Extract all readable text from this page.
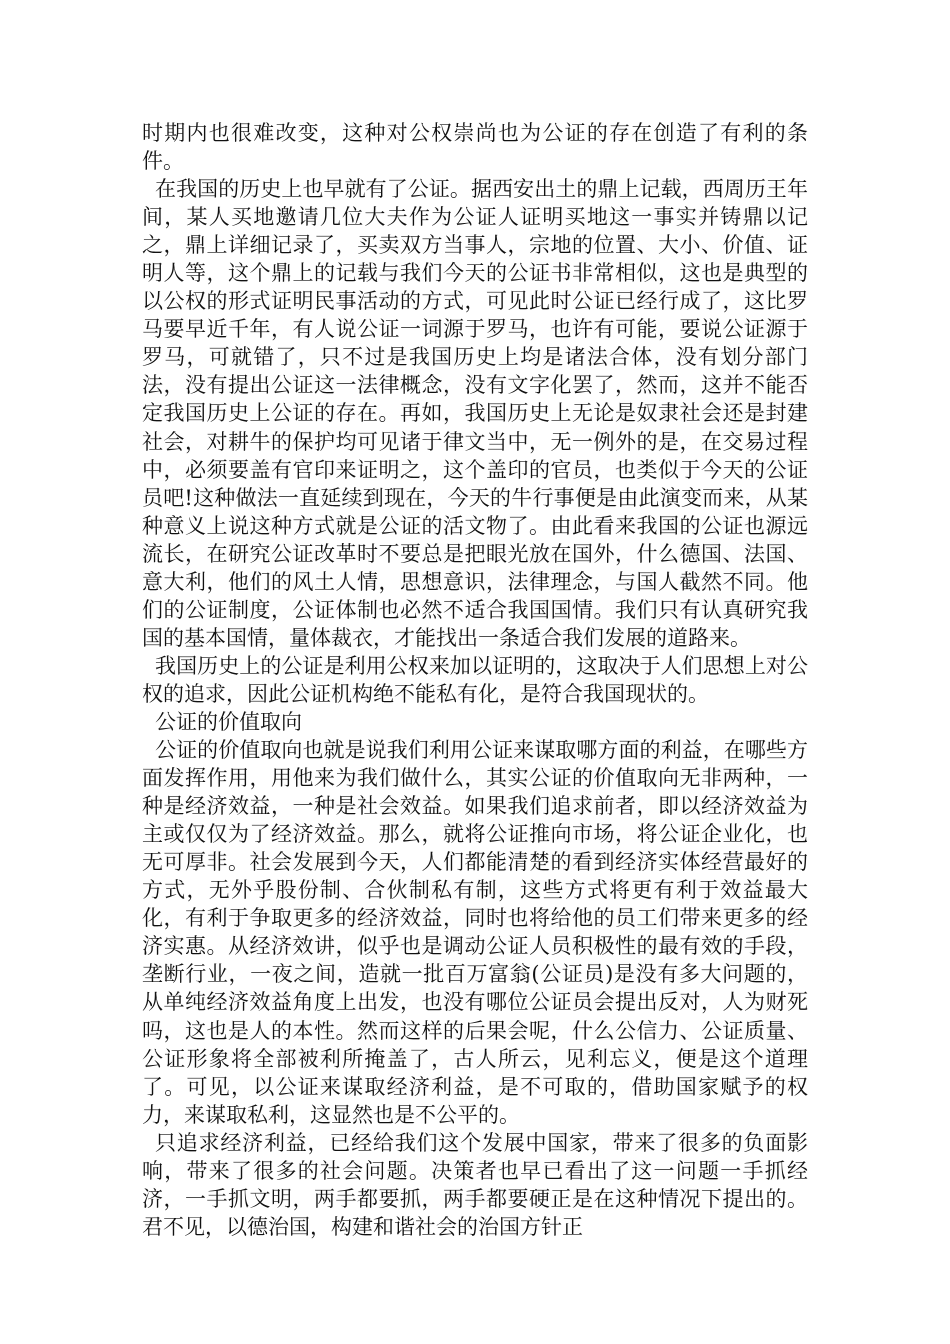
时期内也很难改变，这种对公权崇尚也为公证的存在创造了有利的条件。

在我国的历史上也早就有了公证。据西安出土的鼎上记载，西周历王年间，某人买地邀请几位大夫作为公证人证明买地这一事实并铸鼎以记之，鼎上详细记录了，买卖双方当事人，宗地的位置、大小、价值、证明人等，这个鼎上的记载与我们今天的公证书非常相似，这也是典型的以公权的形式证明民事活动的方式，可见此时公证已经行成了，这比罗马要早近千年，有人说公证一词源于罗马，也许有可能，要说公证源于罗马，可就错了，只不过是我国历史上均是诸法合体，没有划分部门法，没有提出公证这一法律概念，没有文字化罢了，然而，这并不能否定我国历史上公证的存在。再如，我国历史上无论是奴隶社会还是封建社会，对耕牛的保护均可见诸于律文当中，无一例外的是，在交易过程中，必须要盖有官印来证明之，这个盖印的官员，也类似于今天的公证员吧!这种做法一直延续到现在，今天的牛行事便是由此演变而来，从某种意义上说这种方式就是公证的活文物了。由此看来我国的公证也源远流长，在研究公证改革时不要总是把眼光放在国外，什么德国、法国、意大利，他们的风土人情，思想意识，法律理念，与国人截然不同。他们的公证制度，公证体制也必然不适合我国国情。我们只有认真研究我国的基本国情，量体裁衣，才能找出一条适合我们发展的道路来。

我国历史上的公证是利用公权来加以证明的，这取决于人们思想上对公权的追求，因此公证机构绝不能私有化，是符合我国现状的。

公证的价值取向

公证的价值取向也就是说我们利用公证来谋取哪方面的利益，在哪些方面发挥作用，用他来为我们做什么，其实公证的价值取向无非两种，一种是经济效益，一种是社会效益。如果我们追求前者，即以经济效益为主或仅仅为了经济效益。那么，就将公证推向市场，将公证企业化，也无可厚非。社会发展到今天，人们都能清楚的看到经济实体经营最好的方式，无外乎股份制、合伙制私有制，这些方式将更有利于效益最大化，有利于争取更多的经济效益，同时也将给他的员工们带来更多的经济实惠。从经济效讲，似乎也是调动公证人员积极性的最有效的手段，垄断行业，一夜之间，造就一批百万富翁(公证员)是没有多大问题的，从单纯经济效益角度上出发，也没有哪位公证员会提出反对，人为财死吗，这也是人的本性。然而这样的后果会呢，什么公信力、公证质量、公证形象将全部被利所掩盖了，古人所云，见利忘义，便是这个道理了。可见，以公证来谋取经济利益，是不可取的，借助国家赋予的权力，来谋取私利，这显然也是不公平的。

只追求经济利益，已经给我们这个发展中国家，带来了很多的负面影响，带来了很多的社会问题。决策者也早已看出了这一问题一手抓经济，一手抓文明，两手都要抓，两手都要硬正是在这种情况下提出的。君不见，以德治国，构建和谐社会的治国方针正
